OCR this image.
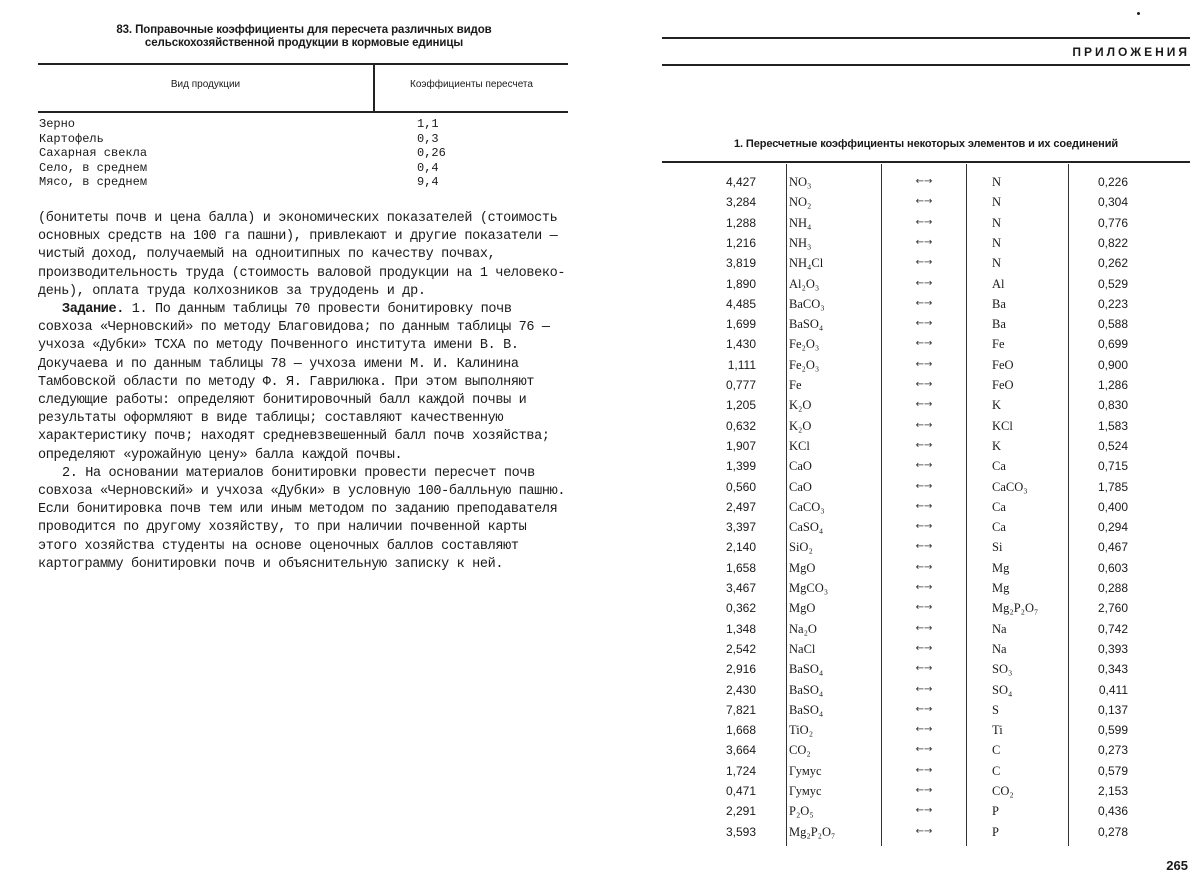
83. Поправочные коэффициенты для пересчета различных видов
сельскохозяйственной продукции в кормовые единицы
Вид продукции	Коэффициенты пересчета
Зерно	1,1
Картофель	0,3
Сахарная свекла	0,26
Село, в среднем	0,4
Мясо, в среднем	9,4

(бонитеты почв и цена балла) и экономических показателей (стоимость основных средств на 100 га пашни), привлекают и другие показатели — чистый доход, получаемый на одноитипных по качеству почвах, производительность труда (стоимость валовой продукции на 1 человеко-день), оплата труда колхозников за трудодень и др.

Задание. 1. По данным таблицы 70 провести бонитировку почв совхоза «Черновский» по методу Благовидова; по данным таблицы 76 — учхоза «Дубки» ТСХА по методу Почвенного института имени В. В. Докучаева и по данным таблицы 78 — учхоза имени М. И. Калинина Тамбовской области по методу Ф. Я. Гаврилюка. При этом выполняют следующие работы: определяют бонитировочный балл каждой почвы и результаты оформляют в виде таблицы; составляют качественную характеристику почв; находят средневзвешенный балл почв хозяйства; определяют «урожайную цену» балла каждой почвы.

2. На основании материалов бонитировки провести пересчет почв совхоза «Черновский» и учхоза «Дубки» в условную 100-балльную пашню. Если бонитировка почв тем или иным методом по заданию преподавателя проводится по другому хозяйству, то при наличии почвенной карты этого хозяйства студенты на основе оценочных баллов составляют картограмму бонитировки почв и объяснительную записку к ней.

ПРИЛОЖЕНИЯ
1. Пересчетные коэффициенты некоторых элементов и их соединений
4,427	NO₃	←→	N	0,226
3,284	NO₂	←→	N	0,304
1,288	NH₄	←→	N	0,776
1,216	NH₃	←→	N	0,822
3,819	NH₄Cl	←→	N	0,262
1,890	Al₂O₃	←→	Al	0,529
4,485	BaCO₃	←→	Ba	0,223
1,699	BaSO₄	←→	Ba	0,588
1,430	Fe₂O₃	←→	Fe	0,699
1,111	Fe₂O₃	←→	FeO	0,900
0,777	Fe	←→	FeO	1,286
1,205	K₂O	←→	K	0,830
0,632	K₂O	←→	KCl	1,583
1,907	KCl	←→	K	0,524
1,399	CaO	←→	Ca	0,715
0,560	CaO	←→	CaCO₃	1,785
2,497	CaCO₃	←→	Ca	0,400
3,397	CaSO₄	←→	Ca	0,294
2,140	SiO₂	←→	Si	0,467
1,658	MgO	←→	Mg	0,603
3,467	MgCO₃	←→	Mg	0,288
0,362	MgO	←→	Mg₂P₂O₇	2,760
1,348	Na₂O	←→	Na	0,742
2,542	NaCl	←→	Na	0,393
2,916	BaSO₄	←→	SO₃	0,343
2,430	BaSO₄	←→	SO₄	0,411
7,821	BaSO₄	←→	S	0,137
1,668	TiO₂	←→	Ti	0,599
3,664	CO₂	←→	C	0,273
1,724	Гумус	←→	C	0,579
0,471	Гумус	←→	CO₂	2,153
2,291	P₂O₅	←→	P	0,436
3,593	Mg₂P₂O₇	←→	P	0,278
265
